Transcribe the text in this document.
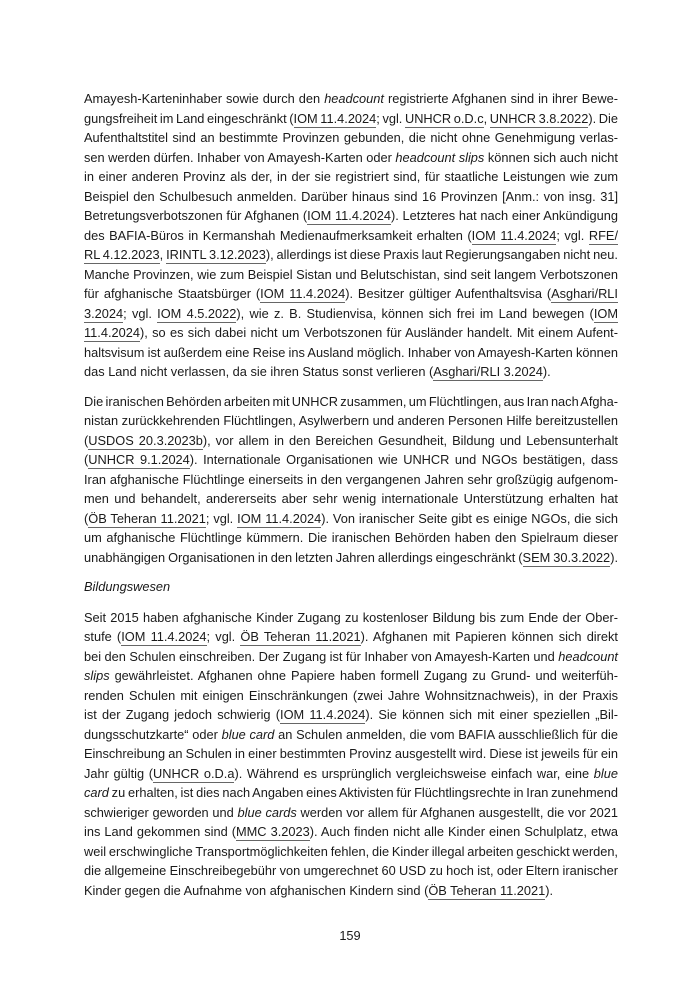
Amayesh-Karteninhaber sowie durch den headcount registrierte Afghanen sind in ihrer Bewe-
gungsfreiheit im Land eingeschränkt (IOM 11.4.2024; vgl. UNHCR o.D.c, UNHCR 3.8.2022). Die
Aufenthaltstitel sind an bestimmte Provinzen gebunden, die nicht ohne Genehmigung verlas-
sen werden dürfen. Inhaber von Amayesh-Karten oder headcount slips können sich auch nicht
in einer anderen Provinz als der, in der sie registriert sind, für staatliche Leistungen wie zum
Beispiel den Schulbesuch anmelden. Darüber hinaus sind 16 Provinzen [Anm.: von insg. 31]
Betretungsverbotszonen für Afghanen (IOM 11.4.2024). Letzteres hat nach einer Ankündigung
des BAFIA-Büros in Kermanshah Medienaufmerksamkeit erhalten (IOM 11.4.2024; vgl. RFE/
RL 4.12.2023, IRINTL 3.12.2023), allerdings ist diese Praxis laut Regierungsangaben nicht neu.
Manche Provinzen, wie zum Beispiel Sistan und Belutschistan, sind seit langem Verbotszonen
für afghanische Staatsbürger (IOM 11.4.2024). Besitzer gültiger Aufenthaltsvisa (Asghari/RLI
3.2024; vgl. IOM 4.5.2022), wie z. B. Studienvisa, können sich frei im Land bewegen (IOM
11.4.2024), so es sich dabei nicht um Verbotszonen für Ausländer handelt. Mit einem Aufent-
haltsvisum ist außerdem eine Reise ins Ausland möglich. Inhaber von Amayesh-Karten können
das Land nicht verlassen, da sie ihren Status sonst verlieren (Asghari/RLI 3.2024).
Die iranischen Behörden arbeiten mit UNHCR zusammen, um Flüchtlingen, aus Iran nach Afgha-
nistan zurückkehrenden Flüchtlingen, Asylwerbern und anderen Personen Hilfe bereitzustellen
(USDOS 20.3.2023b), vor allem in den Bereichen Gesundheit, Bildung und Lebensunterhalt
(UNHCR 9.1.2024). Internationale Organisationen wie UNHCR und NGOs bestätigen, dass
Iran afghanische Flüchtlinge einerseits in den vergangenen Jahren sehr großzügig aufgenom-
men und behandelt, andererseits aber sehr wenig internationale Unterstützung erhalten hat
(ÖB Teheran 11.2021; vgl. IOM 11.4.2024). Von iranischer Seite gibt es einige NGOs, die sich
um afghanische Flüchtlinge kümmern. Die iranischen Behörden haben den Spielraum dieser
unabhängigen Organisationen in den letzten Jahren allerdings eingeschränkt (SEM 30.3.2022).
Bildungswesen
Seit 2015 haben afghanische Kinder Zugang zu kostenloser Bildung bis zum Ende der Ober-
stufe (IOM 11.4.2024; vgl. ÖB Teheran 11.2021). Afghanen mit Papieren können sich direkt
bei den Schulen einschreiben. Der Zugang ist für Inhaber von Amayesh-Karten und headcount
slips gewährleistet. Afghanen ohne Papiere haben formell Zugang zu Grund- und weiterfüh-
renden Schulen mit einigen Einschränkungen (zwei Jahre Wohnsitznachweis), in der Praxis
ist der Zugang jedoch schwierig (IOM 11.4.2024). Sie können sich mit einer speziellen „Bil-
dungsschutzkarte“ oder blue card an Schulen anmelden, die vom BAFIA ausschließlich für die
Einschreibung an Schulen in einer bestimmten Provinz ausgestellt wird. Diese ist jeweils für ein
Jahr gültig (UNHCR o.D.a). Während es ursprünglich vergleichsweise einfach war, eine blue
card zu erhalten, ist dies nach Angaben eines Aktivisten für Flüchtlingsrechte in Iran zunehmend
schwieriger geworden und blue cards werden vor allem für Afghanen ausgestellt, die vor 2021
ins Land gekommen sind (MMC 3.2023). Auch finden nicht alle Kinder einen Schulplatz, etwa
weil erschwingliche Transportmöglichkeiten fehlen, die Kinder illegal arbeiten geschickt werden,
die allgemeine Einschreibegebühr von umgerechnet 60 USD zu hoch ist, oder Eltern iranischer
Kinder gegen die Aufnahme von afghanischen Kindern sind (ÖB Teheran 11.2021).
159
